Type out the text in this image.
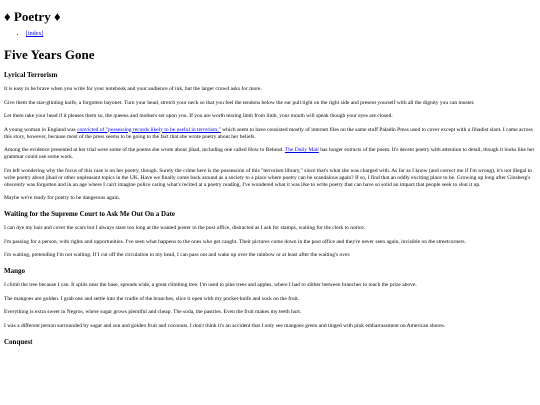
♦ Poetry ♦
• [index]
Five Years Gone
Lyrical Terrorism

It is easy to be brave when you write for your notebook and your audience of ink, but the larger crowd asks for more.

Give them the star-glinting knife, a forgotten bayonet. Turn your head, stretch your neck so that you feel the tendons below the ear pull tight on the right side and present yourself with all the dignity you can muster.

Let them take your head if it pleases them so, the queens and mothers set upon you. If you are worth tearing limb from limb, your mouth will speak though your eyes are closed.

A young woman in England was convicted of "possessing records likely to be useful in terrorism," which seem to have consisted mostly of internet files on the same stuff Paladin Press used to cover except with a Jihadist slant. I came across this story, however, because most of the press seems to be going to the fact that she wrote poetry about her beliefs.

Among the evidence presented at her trial were some of the poems she wrote about jihad, including one called How to Behead. The Daily Mail has longer extracts of the poem. It's decent poetry with attention to detail, though it looks like her grammar could use some work.

I'm left wondering why the focus of this case is on her poetry, though. Surely the crime here is the possession of this "terrorism library," since that's what she was charged with. As far as I know (and correct me if I'm wrong), it's not illegal to write poetry about jihad or other unpleasant topics in the UK. Have we finally come back around as a society to a place where poetry can be scandalous again? If so, I find that an oddly exciting place to be. Growing up long after Ginsberg's obscenity was forgotten and in an age where I can't imagine police caring what's recited at a poetry reading, I've wondered what it was like to write poetry that can have so solid an impact that people seek to shut it up.

Maybe we're ready for poetry to be dangerous again.

Waiting for the Supreme Court to Ask Me Out On a Date

I can dye my hair and cover the scars but I always stare too long at the wanted poster in the post office, distracted as I ask for stamps, waiting for the clerk to notice.

I'm passing for a person, with rights and opportunities. I've seen what happens to the ones who get caught. Their pictures come down in the post office and they're never seen again, invisible on the streetcorners.

I'm waiting, pretending I'm not waiting. If I cut off the circulation to my head, I can pass out and wake up over the rainbow or at least after the waiting's over.

Mango

I climb the tree because I can. It splits near the base, spreads wide, a great climbing tree. I'm used to pine trees and apples, where I had to slither between branches to reach the prize above.

The mangoes are golden. I grab one and settle into the cradle of the branches, slice it open with my pocket-knife and suck on the fruit.

Everything is extra sweet in Negros, where sugar grows plentiful and cheap. The soda, the pastries. Even the fruit makes my teeth hurt.

I was a different person surrounded by sugar and sun and golden fruit and coconuts. I don't think it's an accident that I only see mangoes green and tinged with pink embarrassment on American shores.

Conquest
